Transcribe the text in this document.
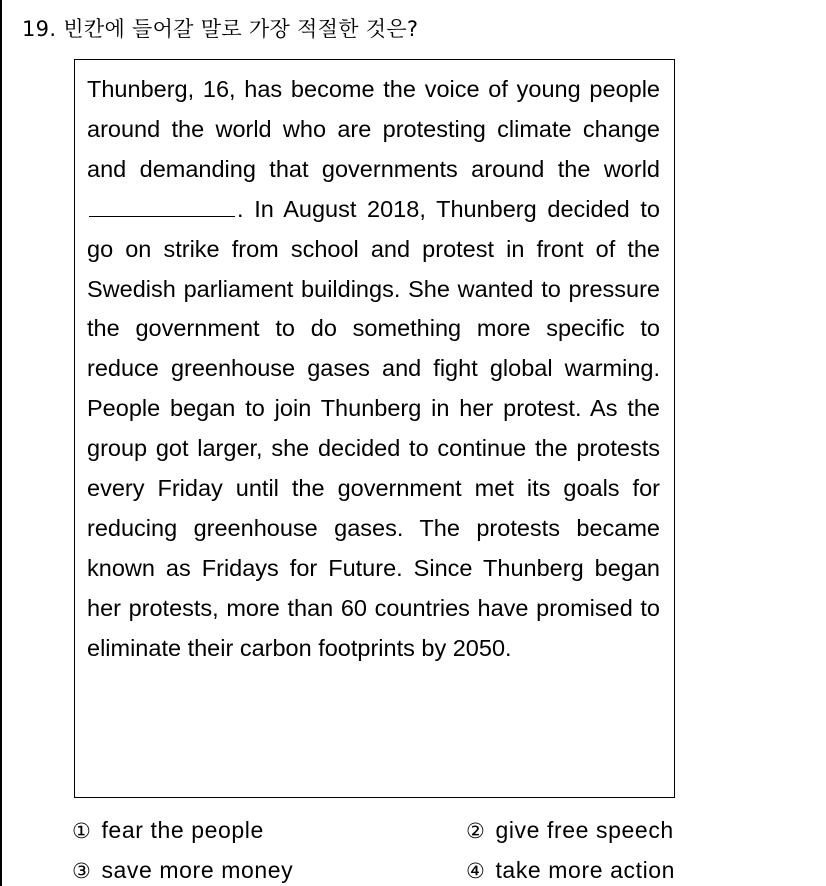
19. 빈칸에 들어갈 말로 가장 적절한 것은?
Thunberg, 16, has become the voice of young people around the world who are protesting climate change and demanding that governments around the world . In August 2018, Thunberg decided to go on strike from school and protest in front of the Swedish parliament buildings. She wanted to pressure the government to do something more specific to reduce greenhouse gases and fight global warming. People began to join Thunberg in her protest. As the group got larger, she decided to continue the protests every Friday until the government met its goals for reducing greenhouse gases. The protests became known as Fridays for Future. Since Thunberg began her protests, more than 60 countries have promised to eliminate their carbon footprints by 2050.
① fear the people	② give free speech
③ save more money	④ take more action
